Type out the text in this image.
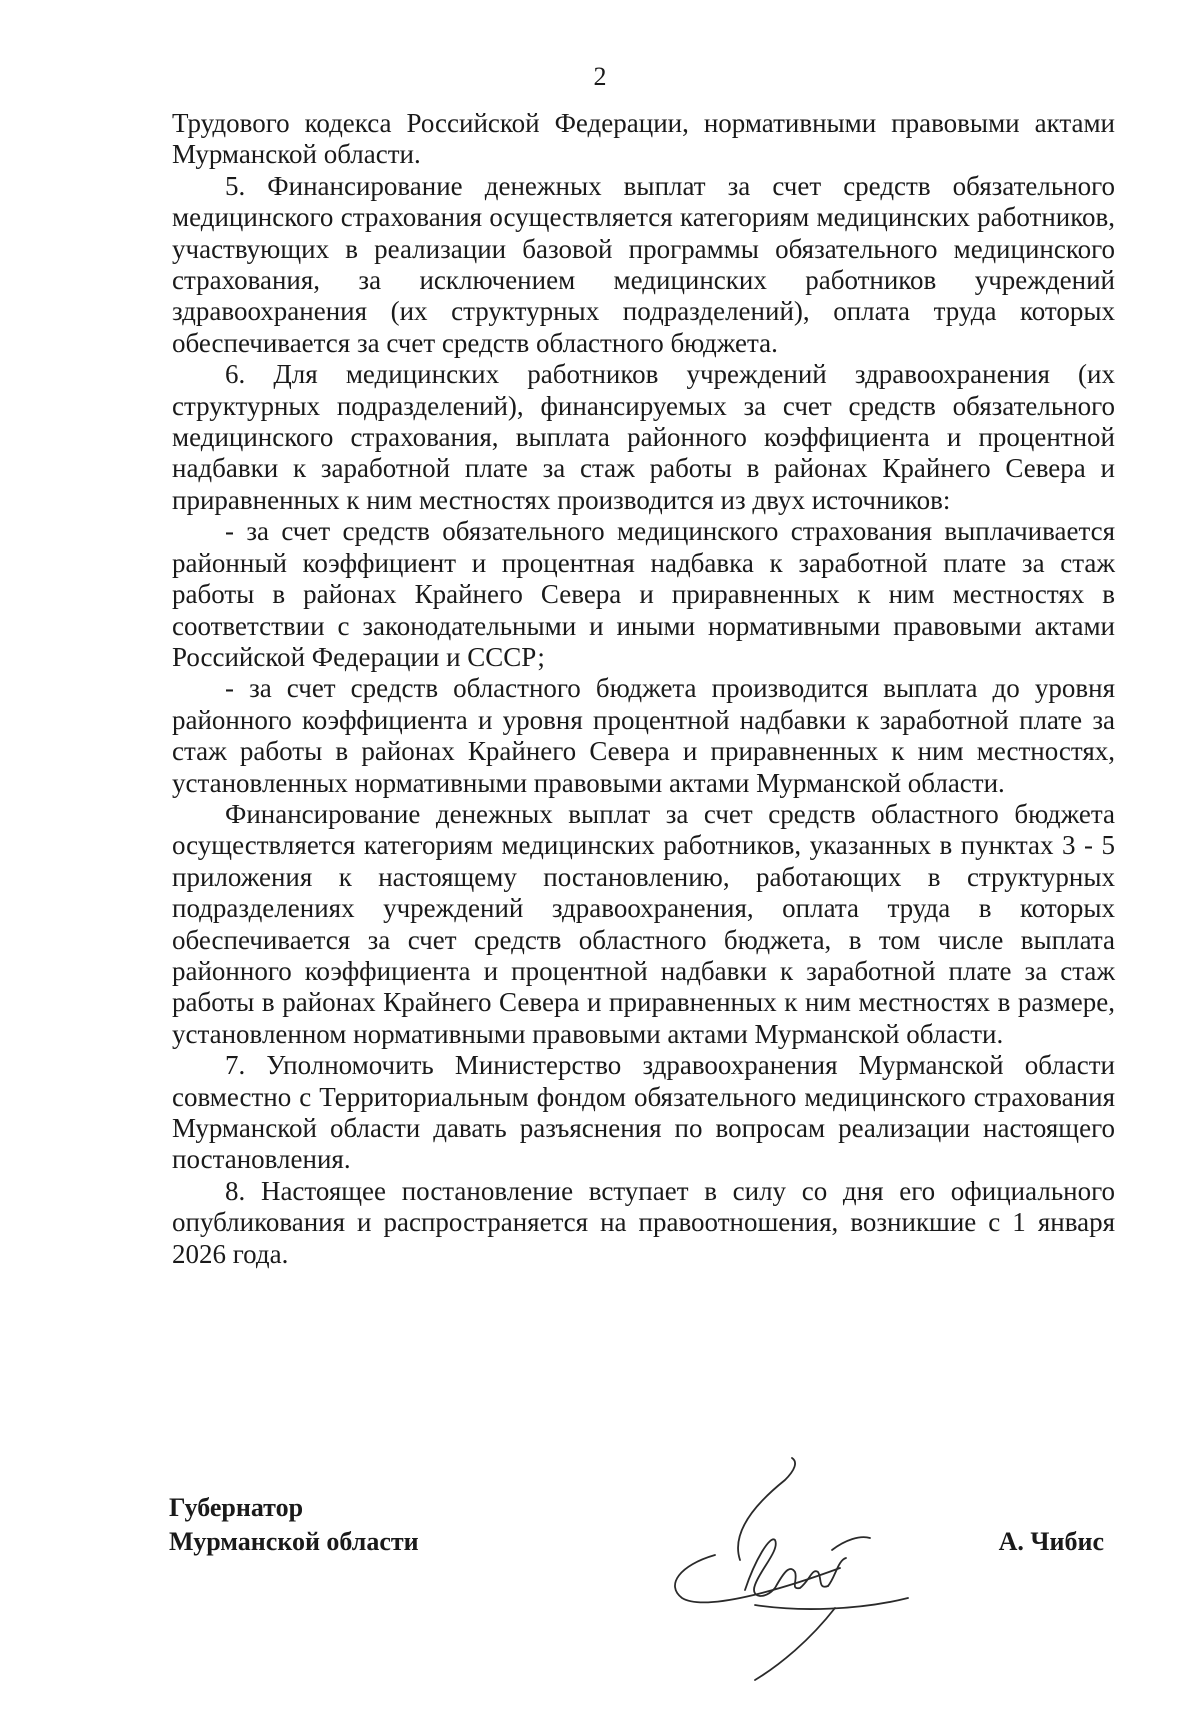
2

Трудового кодекса Российской Федерации, нормативными правовыми актами Мурманской области.

5. Финансирование денежных выплат за счет средств обязательного медицинского страхования осуществляется категориям медицинских работников, участвующих в реализации базовой программы обязательного медицинского страхования, за исключением медицинских работников учреждений здравоохранения (их структурных подразделений), оплата труда которых обеспечивается за счет средств областного бюджета.

6. Для медицинских работников учреждений здравоохранения (их структурных подразделений), финансируемых за счет средств обязательного медицинского страхования, выплата районного коэффициента и процентной надбавки к заработной плате за стаж работы в районах Крайнего Севера и приравненных к ним местностях производится из двух источников:

- за счет средств обязательного медицинского страхования выплачивается районный коэффициент и процентная надбавка к заработной плате за стаж работы в районах Крайнего Севера и приравненных к ним местностях в соответствии с законодательными и иными нормативными правовыми актами Российской Федерации и СССР;

- за счет средств областного бюджета производится выплата до уровня районного коэффициента и уровня процентной надбавки к заработной плате за стаж работы в районах Крайнего Севера и приравненных к ним местностях, установленных нормативными правовыми актами Мурманской области.

Финансирование денежных выплат за счет средств областного бюджета осуществляется категориям медицинских работников, указанных в пунктах 3 - 5 приложения к настоящему постановлению, работающих в структурных подразделениях учреждений здравоохранения, оплата труда в которых обеспечивается за счет средств областного бюджета, в том числе выплата районного коэффициента и процентной надбавки к заработной плате за стаж работы в районах Крайнего Севера и приравненных к ним местностях в размере, установленном нормативными правовыми актами Мурманской области.

7. Уполномочить Министерство здравоохранения Мурманской области совместно с Территориальным фондом обязательного медицинского страхования Мурманской области давать разъяснения по вопросам реализации настоящего постановления.

8. Настоящее постановление вступает в силу со дня его официального опубликования и распространяется на правоотношения, возникшие с 1 января 2026 года.

Губернатор
Мурманской области	А. Чибис
